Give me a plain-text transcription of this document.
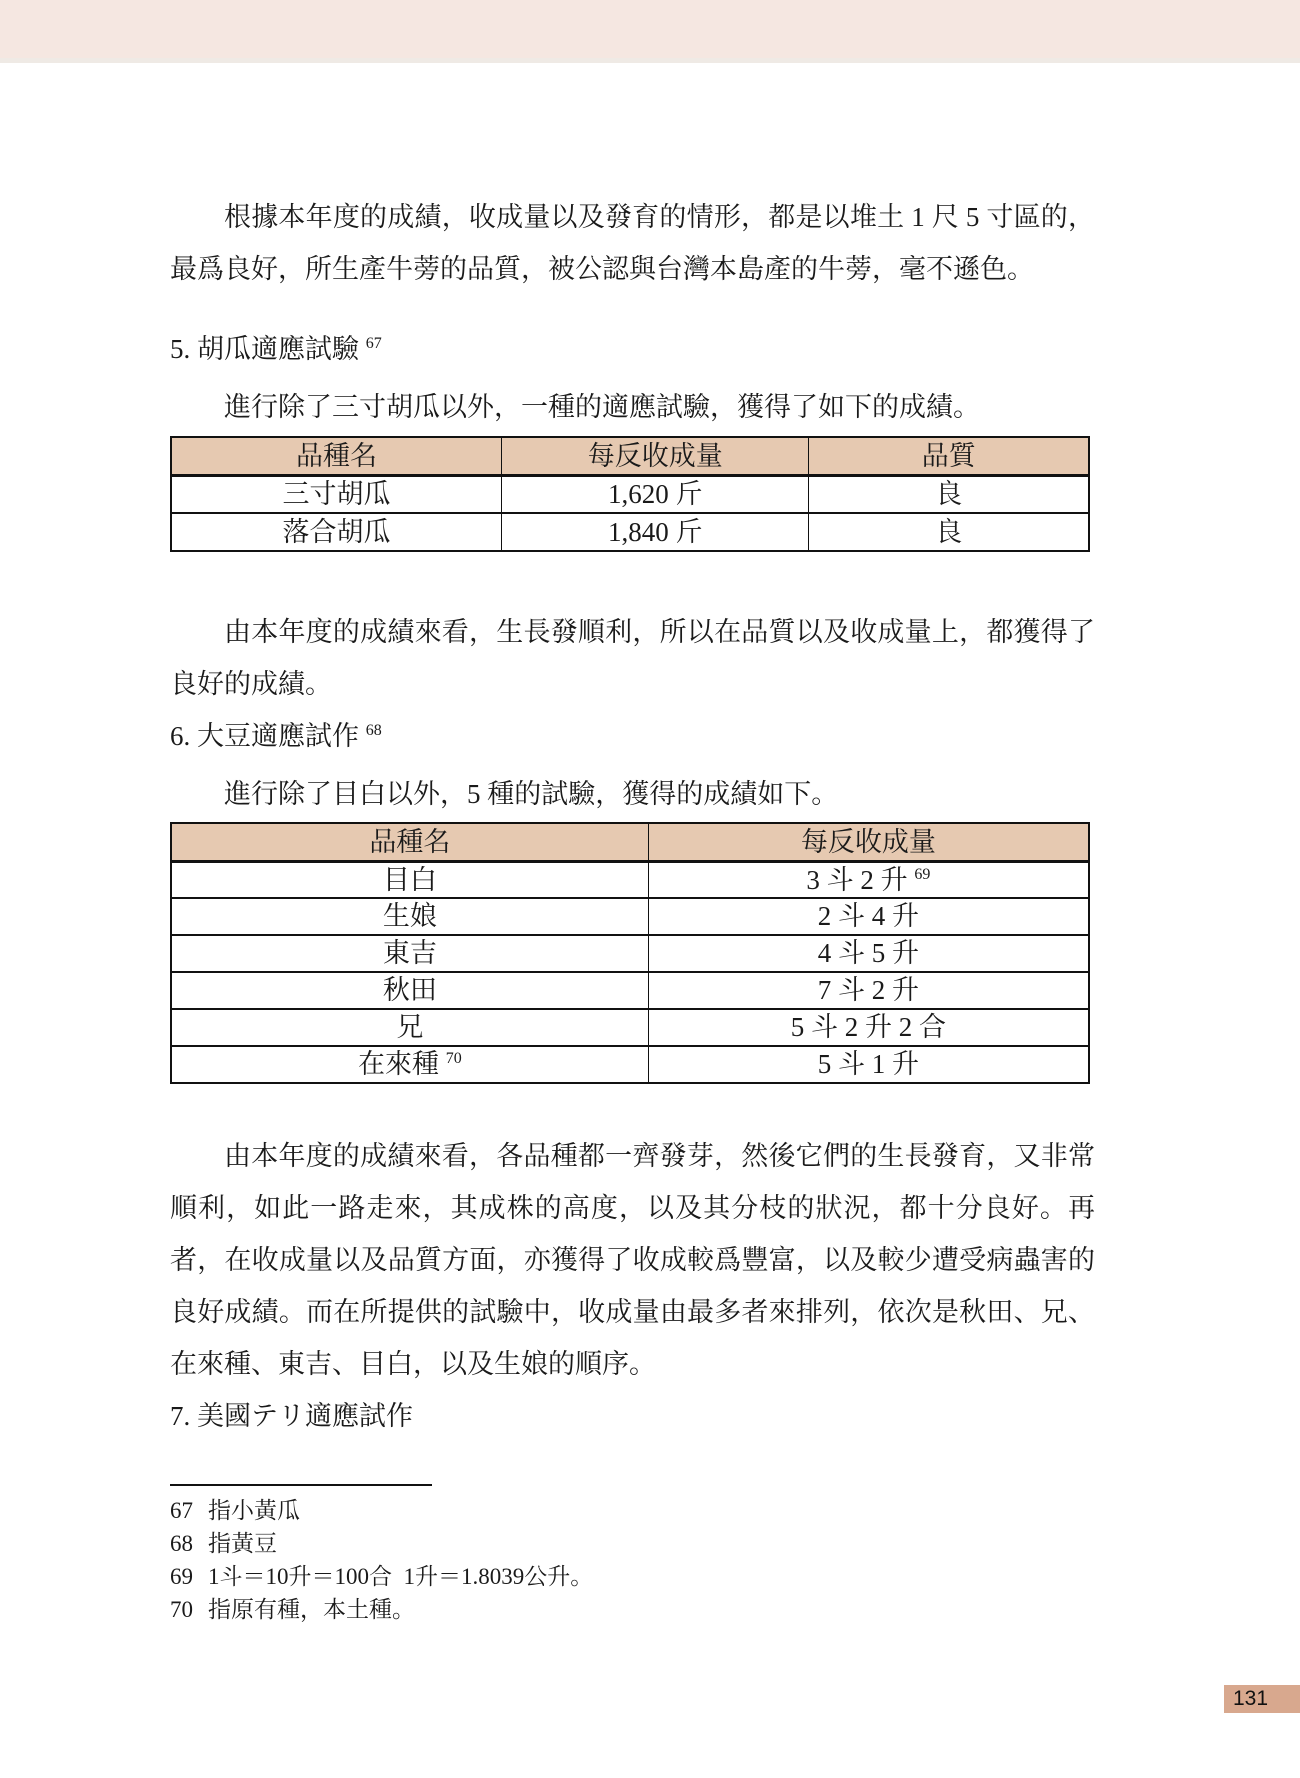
根據本年度的成績，收成量以及發育的情形，都是以堆土 1 尺 5 寸區的，最爲良好，所生產牛蒡的品質，被公認與台灣本島產的牛蒡，毫不遜色。

5. 胡瓜適應試驗 $^{67}$

進行除了三寸胡瓜以外，一種的適應試驗，獲得了如下的成績。

品種名	每反收成量	品質
三寸胡瓜	1,620 斤	良
落合胡瓜	1,840 斤	良

由本年度的成績來看，生長發順利，所以在品質以及收成量上，都獲得了良好的成績。

6. 大豆適應試作 $^{68}$

進行除了目白以外，5 種的試驗，獲得的成績如下。

品種名	每反收成量
目白	3 斗 2 升 $^{69}$
生娘	2 斗 4 升
東吉	4 斗 5 升
秋田	7 斗 2 升
兄	5 斗 2 升 2 合
在來種 $^{70}$	5 斗 1 升

由本年度的成績來看，各品種都一齊發芽，然後它們的生長發育，又非常順利，如此一路走來，其成株的高度，以及其分枝的狀況，都十分良好。再者，在收成量以及品質方面，亦獲得了收成較爲豐富，以及較少遭受病蟲害的良好成績。而在所提供的試驗中，收成量由最多者來排列，依次是秋田、兄、在來種、東吉、目白，以及生娘的順序。

7. 美國テリ適應試作

67 指小黃瓜
68 指黃豆
69 1斗＝10升＝100合  1升＝1.8039公升。
70 指原有種，本土種。
131
